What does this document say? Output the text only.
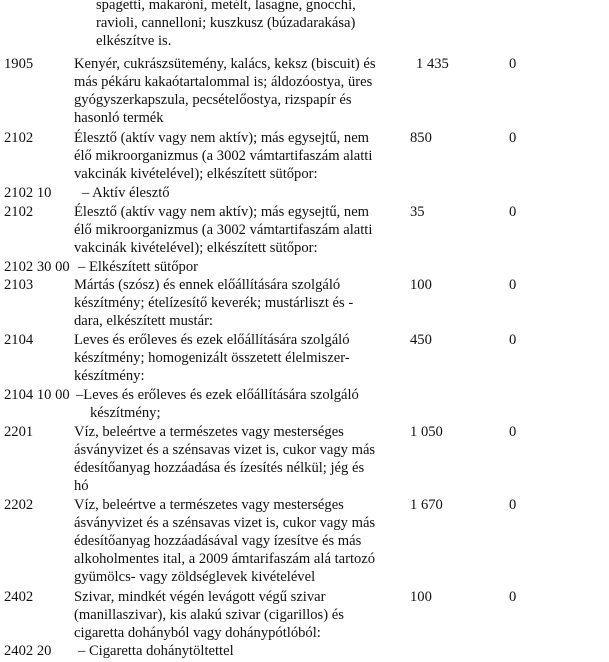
spagetti, makaróni, metélt, lasagne, gnocchi,
ravioli, cannelloni; kuszkusz (búzadarakása)
elkészítve is.
1905	Kenyér, cukrászsütemény, kalács, keksz (biscuit) és
más pékáru kakaótartalommal is; áldozóostya, üres
gyógyszerkapszula, pecsételőostya, rizspapír és
hasonló termék
1 435	0
2102	Élesztő (aktív vagy nem aktív); más egysejtű, nem
élő mikroorganizmus (a 3002 vámtartifaszám alatti
vakcinák kivételével); elkészített sütőpor:
850	0
2102 10 – Aktív élesztő
2102	Élesztő (aktív vagy nem aktív); más egysejtű, nem
élő mikroorganizmus (a 3002 vámtartifaszám alatti
vakcinák kivételével); elkészített sütőpor:
35	0
2102 30 00 – Elkészített sütőpor
2103	Mártás (szósz) és ennek előállítására szolgáló
készítmény; ételízesítő keverék; mustárliszt és -
dara, elkészített mustár:
100	0
2104	Leves és erőleves és ezek előállítására szolgáló
készítmény; homogenizált összetett élelmiszer-
készítmény:
450	0
2104 10 00 –Leves és erőleves és ezek előállítására szolgáló
készítmény;
2201	Víz, beleértve a természetes vagy mesterséges
ásványvizet és a szénsavas vizet is, cukor vagy más
édesítőanyag hozzáadása és ízesítés nélkül; jég és
hó
1 050	0
2202	Víz, beleértve a természetes vagy mesterséges
ásványvizet és a szénsavas vizet is, cukor vagy más
édesítőanyag hozzáadásával vagy ízesítve és más
alkoholmentes ital, a 2009 ámtarifaszám alá tartozó
gyümölcs- vagy zöldséglevek kivételével
1 670	0
2402	Szivar, mindkét végén levágott végű szivar
(manillaszivar), kis alakú szivar (cigarillos) és
cigaretta dohányból vagy dohánypótlóból:
100	0
2402 20 – Cigaretta dohánytöltettel
